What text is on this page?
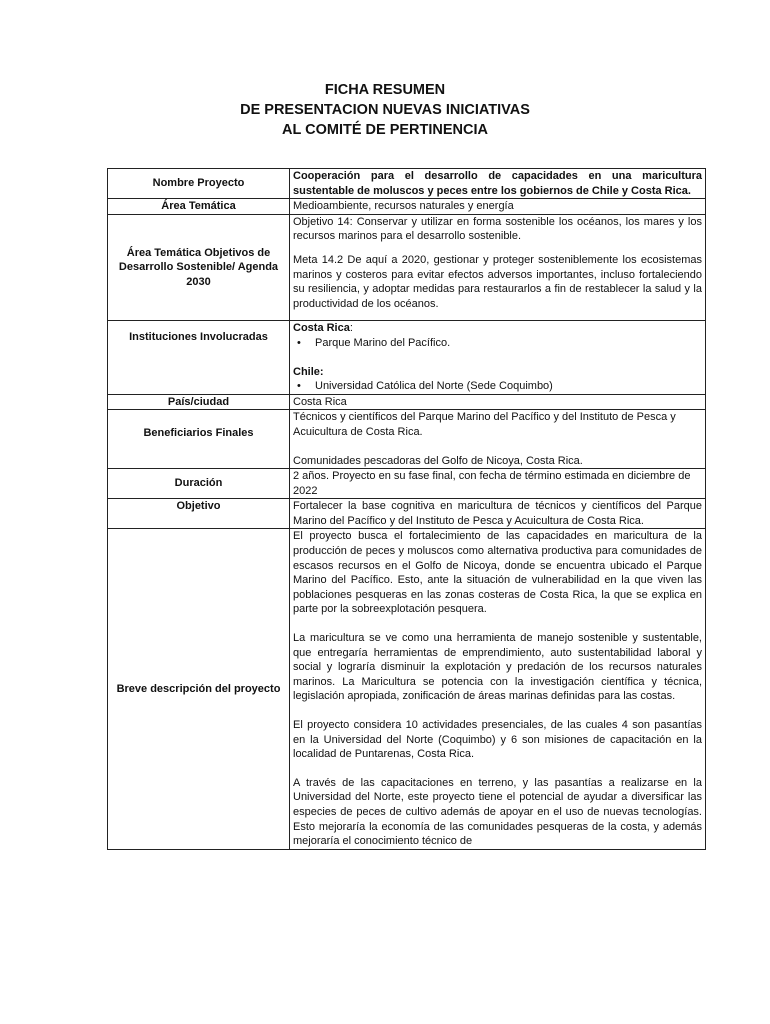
FICHA RESUMEN
DE PRESENTACION NUEVAS INICIATIVAS
AL COMITÉ DE PERTINENCIA
Nombre Proyecto	Cooperación para el desarrollo de capacidades en una maricultura sustentable de moluscos y peces entre los gobiernos de Chile y Costa Rica.
Área Temática	Medioambiente, recursos naturales y energía
Área Temática Objetivos de Desarrollo Sostenible/ Agenda 2030	Objetivo 14: Conservar y utilizar en forma sostenible los océanos, los mares y los recursos marinos para el desarrollo sostenible.

Meta 14.2 De aquí a 2020, gestionar y proteger sosteniblemente los ecosistemas marinos y costeros para evitar efectos adversos importantes, incluso fortaleciendo su resiliencia, y adoptar medidas para restaurarlos a fin de restablecer la salud y la productividad de los océanos.

Instituciones Involucradas	Costa Rica:

• Parque Marino del Pacífico.

Chile:

• Universidad Católica del Norte (Sede Coquimbo)

País/ciudad	Costa Rica
Beneficiarios Finales	Técnicos y científicos del Parque Marino del Pacífico y del Instituto de Pesca y Acuicultura de Costa Rica.

Comunidades pescadoras del Golfo de Nicoya, Costa Rica.

Duración	2 años. Proyecto en su fase final, con fecha de término estimada en diciembre de 2022
Objetivo	Fortalecer la base cognitiva en maricultura de técnicos y científicos del Parque Marino del Pacífico y del Instituto de Pesca y Acuicultura de Costa Rica.
Breve descripción del proyecto	El proyecto busca el fortalecimiento de las capacidades en maricultura de la producción de peces y moluscos como alternativa productiva para comunidades de escasos recursos en el Golfo de Nicoya, donde se encuentra ubicado el Parque Marino del Pacífico. Esto, ante la situación de vulnerabilidad en la que viven las poblaciones pesqueras en las zonas costeras de Costa Rica, la que se explica en parte por la sobreexplotación pesquera.

La maricultura se ve como una herramienta de manejo sostenible y sustentable, que entregaría herramientas de emprendimiento, auto sustentabilidad laboral y social y lograría disminuir la explotación y predación de los recursos naturales marinos. La Maricultura se potencia con la investigación científica y técnica, legislación apropiada, zonificación de áreas marinas definidas para las costas.

El proyecto considera 10 actividades presenciales, de las cuales 4 son pasantías en la Universidad del Norte (Coquimbo) y 6 son misiones de capacitación en la localidad de Puntarenas, Costa Rica.

A través de las capacitaciones en terreno, y las pasantías a realizarse en la Universidad del Norte, este proyecto tiene el potencial de ayudar a diversificar las especies de peces de cultivo además de apoyar en el uso de nuevas tecnologías. Esto mejoraría la economía de las comunidades pesqueras de la costa, y además mejoraría el conocimiento técnico de
